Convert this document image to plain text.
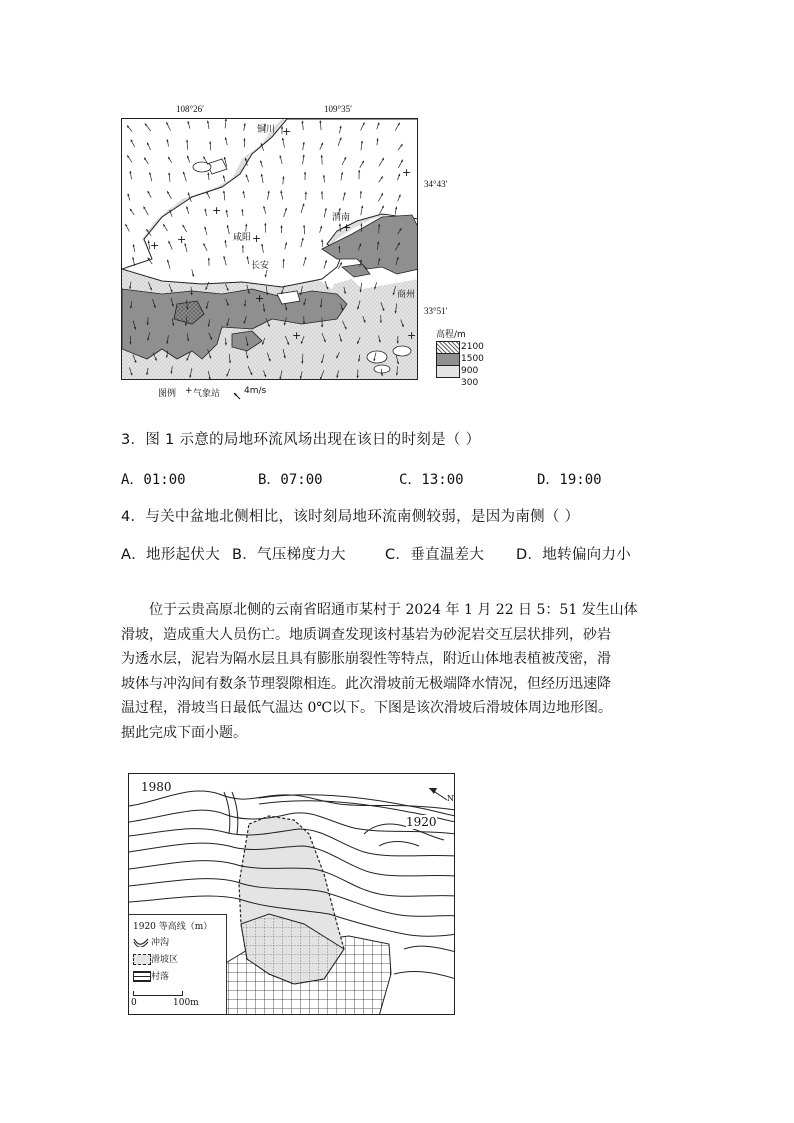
108°26′	109°35′
34°43′
33°51′
+
+
+ +
+
+
+
+
+
+
铜川
渭南
咸阳
长安
商州
高程/m
2100
1500
900
300
图例 + 气象站	4m/s
3．图 1 示意的局地环流风场出现在该日的时刻是（ ）
A．01:00	B．07:00	C．13:00	D．19:00
4．与关中盆地北侧相比，该时刻局地环流南侧较弱，是因为南侧（ ）
A．地形起伏大 B．气压梯度力大	C．垂直温差大 D．地转偏向力小
位于云贵高原北侧的云南省昭通市某村于 2024 年 1 月 22 日 5：51 发生山体
滑坡，造成重大人员伤亡。地质调查发现该村基岩为砂泥岩交互层状排列，砂岩
为透水层，泥岩为隔水层且具有膨胀崩裂性等特点，附近山体地表植被茂密，滑
坡体与冲沟间有数条节理裂隙相连。此次滑坡前无极端降水情况，但经历迅速降
温过程，滑坡当日最低气温达 0℃以下。下图是该次滑坡后滑坡体周边地形图。
据此完成下面小题。
1980
1920
N
1920 等高线（m）
冲沟
滑坡区
村落
0	100m
